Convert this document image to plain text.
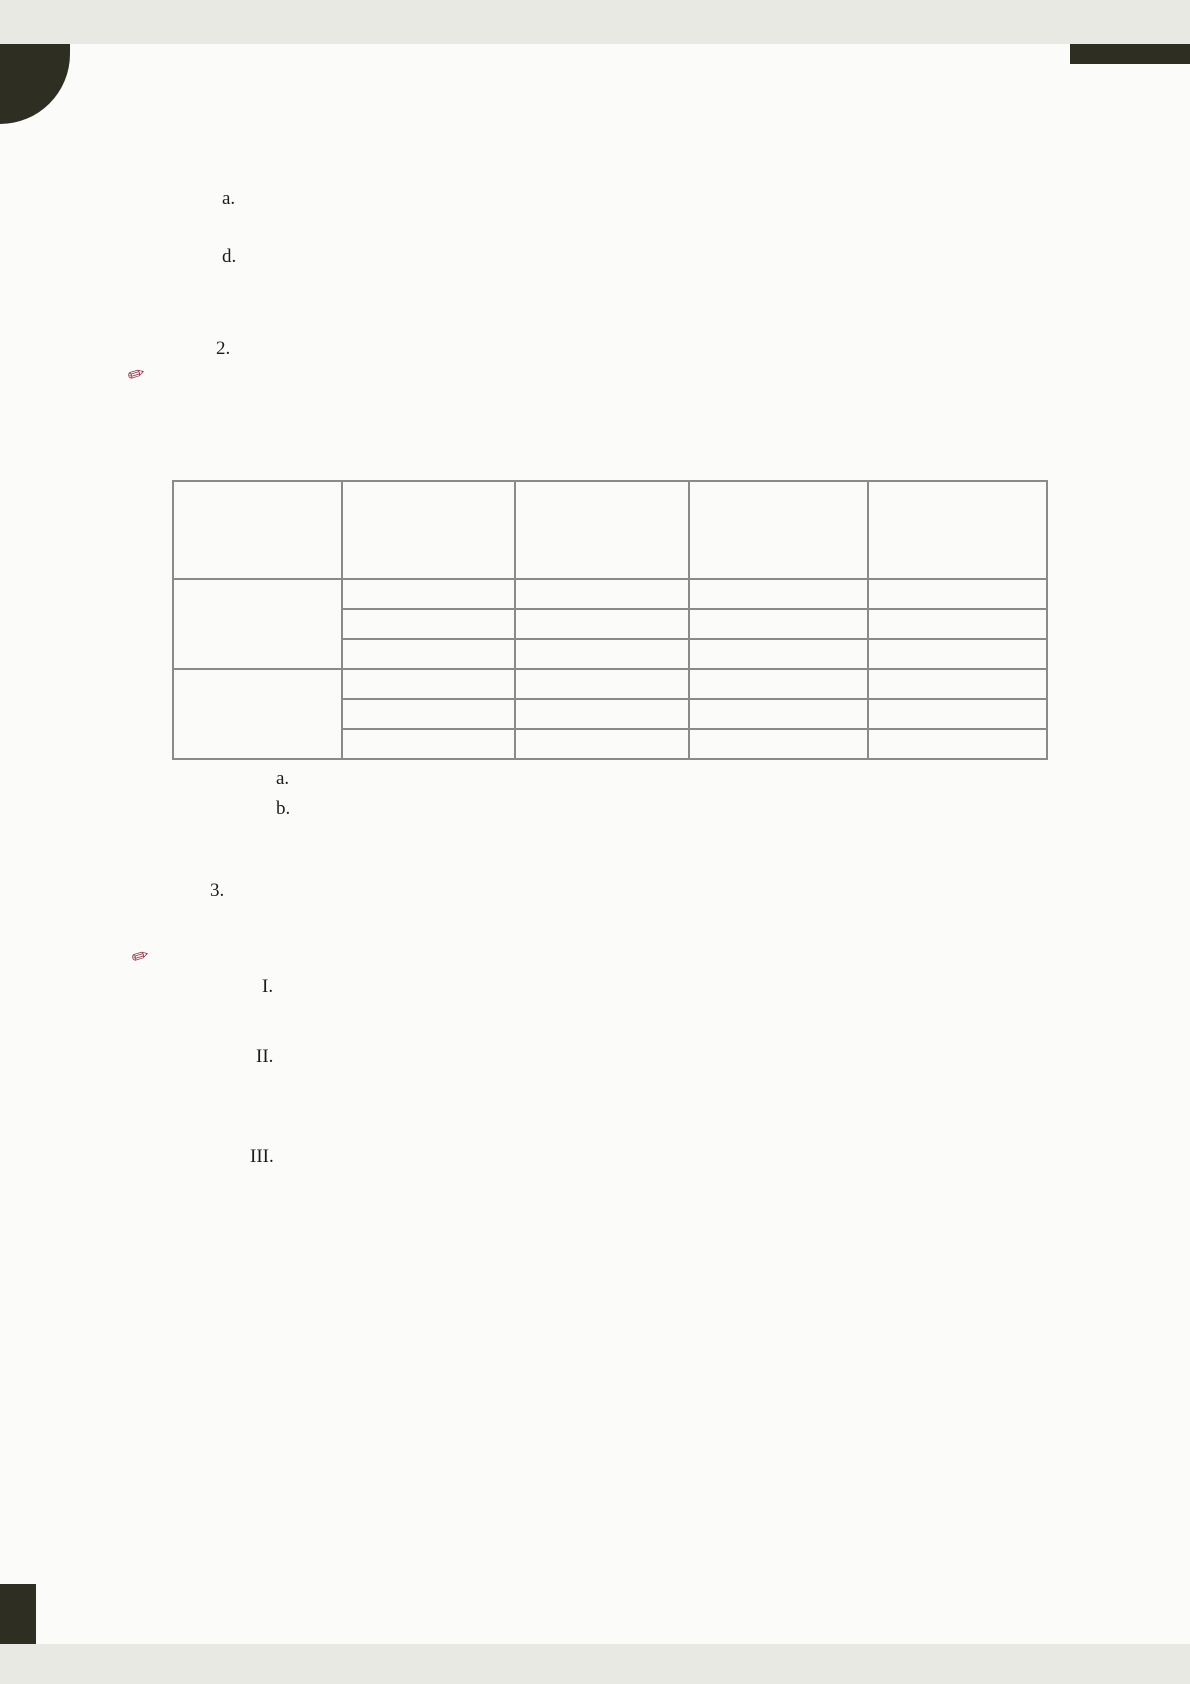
a.
d.
✎
2.

a.
b.
3.
✎
I.
II.
III.
